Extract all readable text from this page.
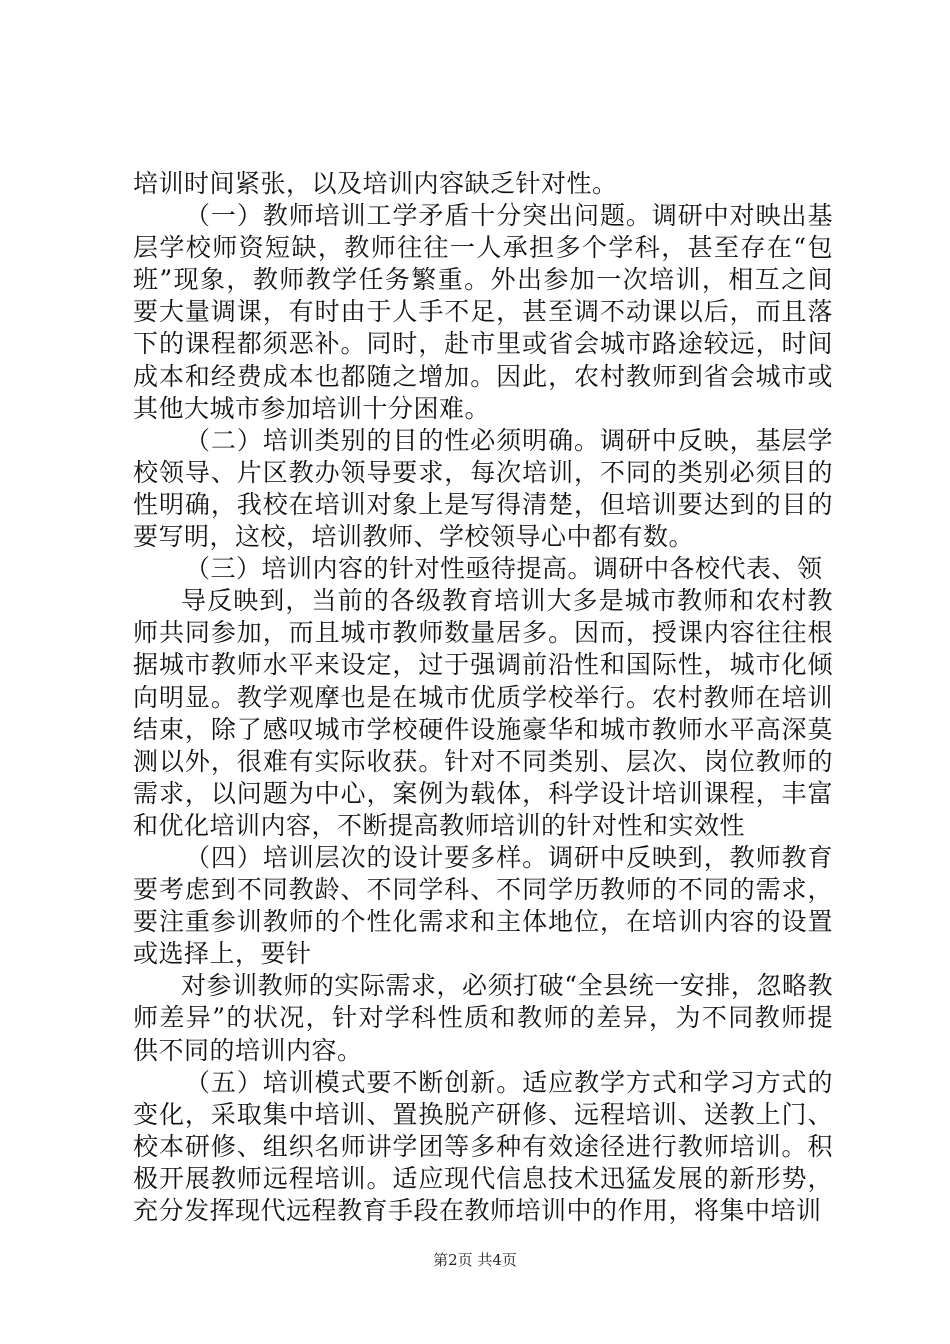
培训时间紧张，以及培训内容缺乏针对性。

（一）教师培训工学矛盾十分突出问题。调研中对映出基层学校师资短缺，教师往往一人承担多个学科，甚至存在“包班”现象，教师教学任务繁重。外出参加一次培训，相互之间要大量调课，有时由于人手不足，甚至调不动课以后，而且落下的课程都须恶补。同时，赴市里或省会城市路途较远，时间成本和经费成本也都随之增加。因此，农村教师到省会城市或其他大城市参加培训十分困难。

（二）培训类别的目的性必须明确。调研中反映，基层学校领导、片区教办领导要求，每次培训，不同的类别必须目的性明确，我校在培训对象上是写得清楚，但培训要达到的目的要写明，这校，培训教师、学校领导心中都有数。

（三）培训内容的针对性亟待提高。调研中各校代表、领

导反映到，当前的各级教育培训大多是城市教师和农村教师共同参加，而且城市教师数量居多。因而，授课内容往往根据城市教师水平来设定，过于强调前沿性和国际性，城市化倾向明显。教学观摩也是在城市优质学校举行。农村教师在培训结束，除了感叹城市学校硬件设施豪华和城市教师水平高深莫测以外，很难有实际收获。针对不同类别、层次、岗位教师的需求，以问题为中心，案例为载体，科学设计培训课程，丰富和优化培训内容，不断提高教师培训的针对性和实效性

（四）培训层次的设计要多样。调研中反映到，教师教育要考虑到不同教龄、不同学科、不同学历教师的不同的需求，要注重参训教师的个性化需求和主体地位，在培训内容的设置或选择上，要针

对参训教师的实际需求，必须打破“全县统一安排，忽略教师差异”的状况，针对学科性质和教师的差异，为不同教师提供不同的培训内容。

（五）培训模式要不断创新。适应教学方式和学习方式的变化，采取集中培训、置换脱产研修、远程培训、送教上门、校本研修、组织名师讲学团等多种有效途径进行教师培训。积极开展教师远程培训。适应现代信息技术迅猛发展的新形势，充分发挥现代远程教育手段在教师培训中的作用，将集中培训

第2页 共4页
